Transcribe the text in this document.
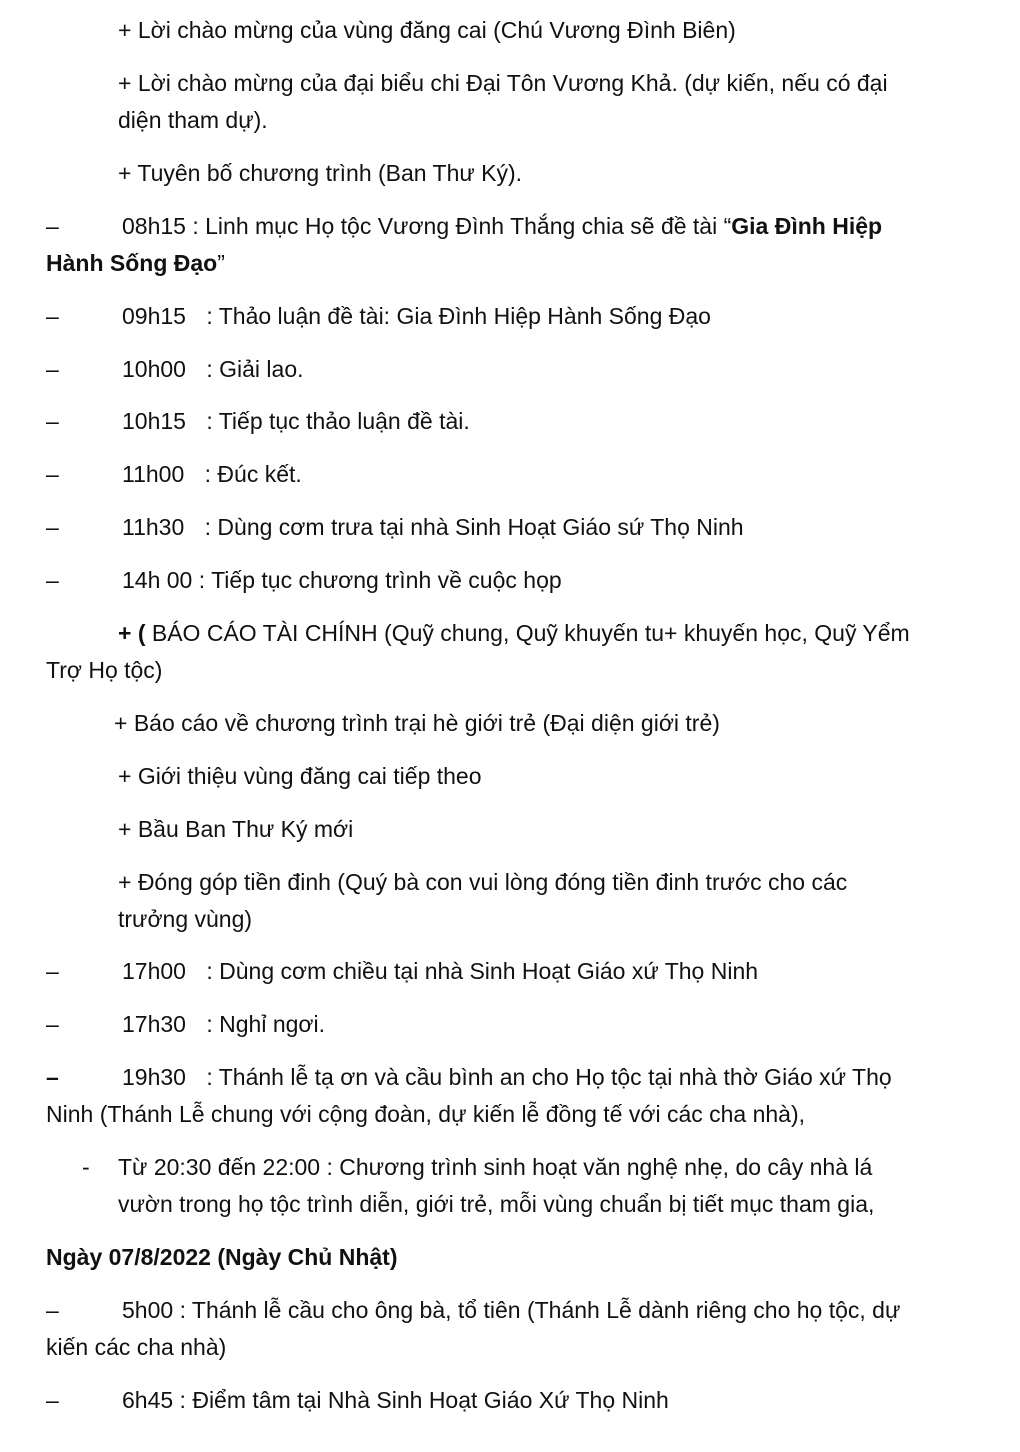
+ Lời chào mừng của vùng đăng cai (Chú Vương Đình Biên)
+ Lời chào mừng của đại biểu chi Đại Tôn Vương Khả. (dự kiến, nếu có đại
diện tham dự).
+ Tuyên bố chương trình (Ban Thư Ký).
–	08h15 : Linh mục Họ tộc Vương Đình Thắng chia sẽ đề tài “Gia Đình Hiệp
Hành Sống Đạo”
–	09h15 : Thảo luận đề tài: Gia Đình Hiệp Hành Sống Đạo
–	10h00 : Giải lao.
–	10h15 : Tiếp tục thảo luận đề tài.
–	11h00 : Đúc kết.
–	11h30 : Dùng cơm trưa tại nhà Sinh Hoạt Giáo sứ Thọ Ninh
–	14h 00 : Tiếp tục chương trình về cuộc họp
+ ( BÁO CÁO TÀI CHÍNH (Quỹ chung, Quỹ khuyến tu+ khuyến học, Quỹ Yểm
Trợ Họ tộc)
+ Báo cáo về chương trình trại hè giới trẻ (Đại diện giới trẻ)
+ Giới thiệu vùng đăng cai tiếp theo
+ Bầu Ban Thư Ký mới
+ Đóng góp tiền đinh (Quý bà con vui lòng đóng tiền đinh trước cho các
trưởng vùng)
–	17h00 : Dùng cơm chiều tại nhà Sinh Hoạt Giáo xứ Thọ Ninh
–	17h30 : Nghỉ ngơi.
–	19h30 : Thánh lễ tạ ơn và cầu bình an cho Họ tộc tại nhà thờ Giáo xứ Thọ
Ninh (Thánh Lễ chung với cộng đoàn, dự kiến lễ đồng tế với các cha nhà),
- Từ 20:30 đến 22:00 : Chương trình sinh hoạt văn nghệ nhẹ, do cây nhà lá
vườn trong họ tộc trình diễn, giới trẻ, mỗi vùng chuẩn bị tiết mục tham gia,
Ngày 07/8/2022 (Ngày Chủ Nhật)
–	5h00 : Thánh lễ cầu cho ông bà, tổ tiên (Thánh Lễ dành riêng cho họ tộc, dự
kiến các cha nhà)
–	6h45 : Điểm tâm tại Nhà Sinh Hoạt Giáo Xứ Thọ Ninh
